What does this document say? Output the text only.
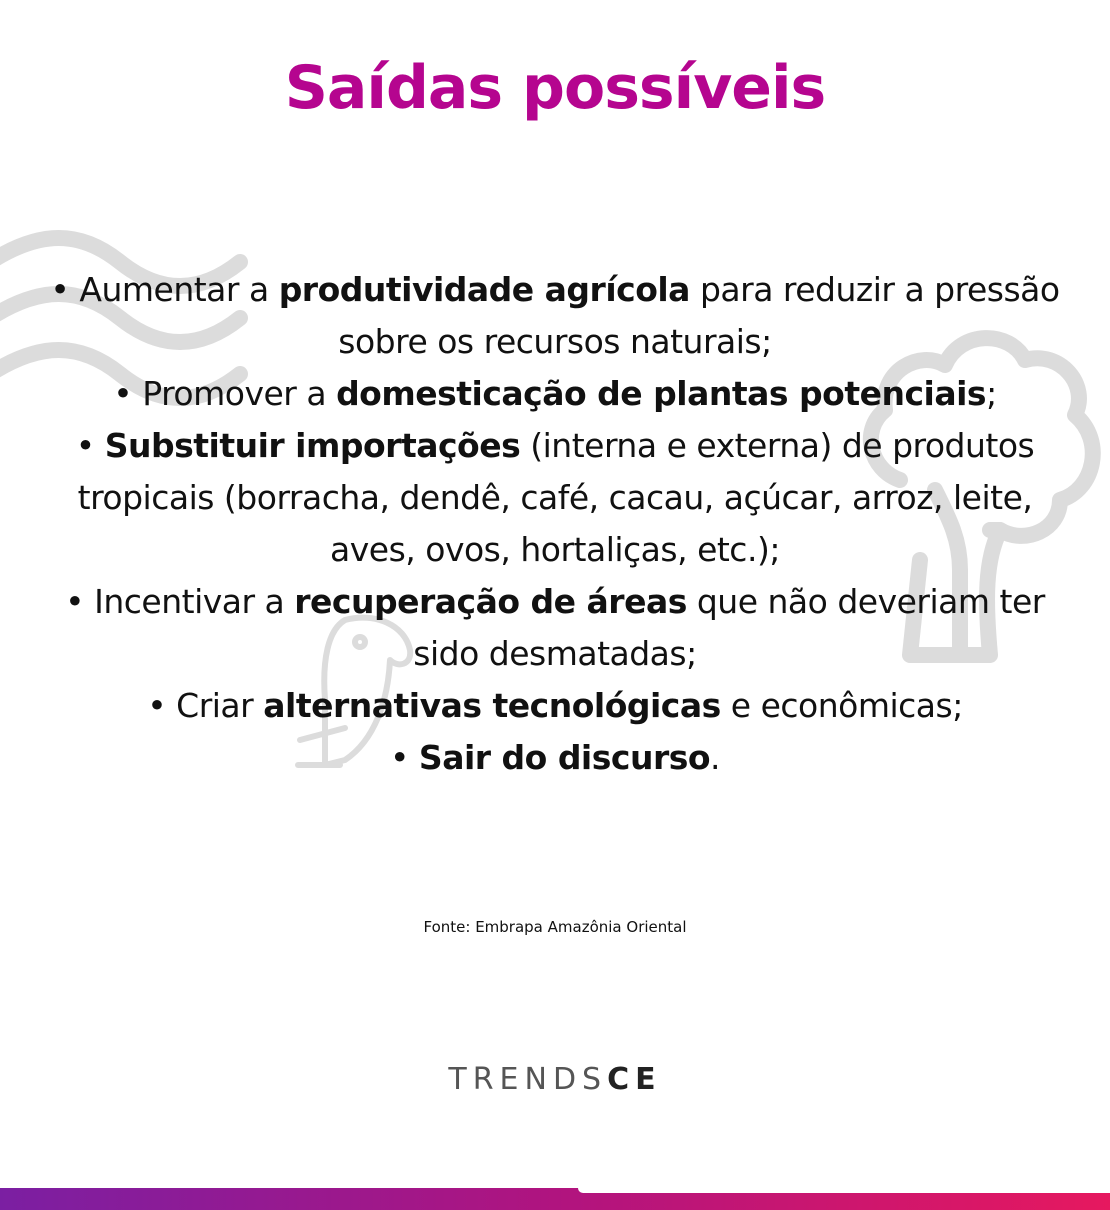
Saídas possíveis

• Aumentar a produtividade agrícola para reduzir a pressão sobre os recursos naturais;

• Promover a domesticação de plantas potenciais;

• Substituir importações (interna e externa) de produtos tropicais (borracha, dendê, café, cacau, açúcar, arroz, leite, aves, ovos, hortaliças, etc.);

• Incentivar a recuperação de áreas que não deveriam ter sido desmatadas;

• Criar alternativas tecnológicas e econômicas;

• Sair do discurso.

Fonte: Embrapa Amazônia Oriental
TRENDSCE
